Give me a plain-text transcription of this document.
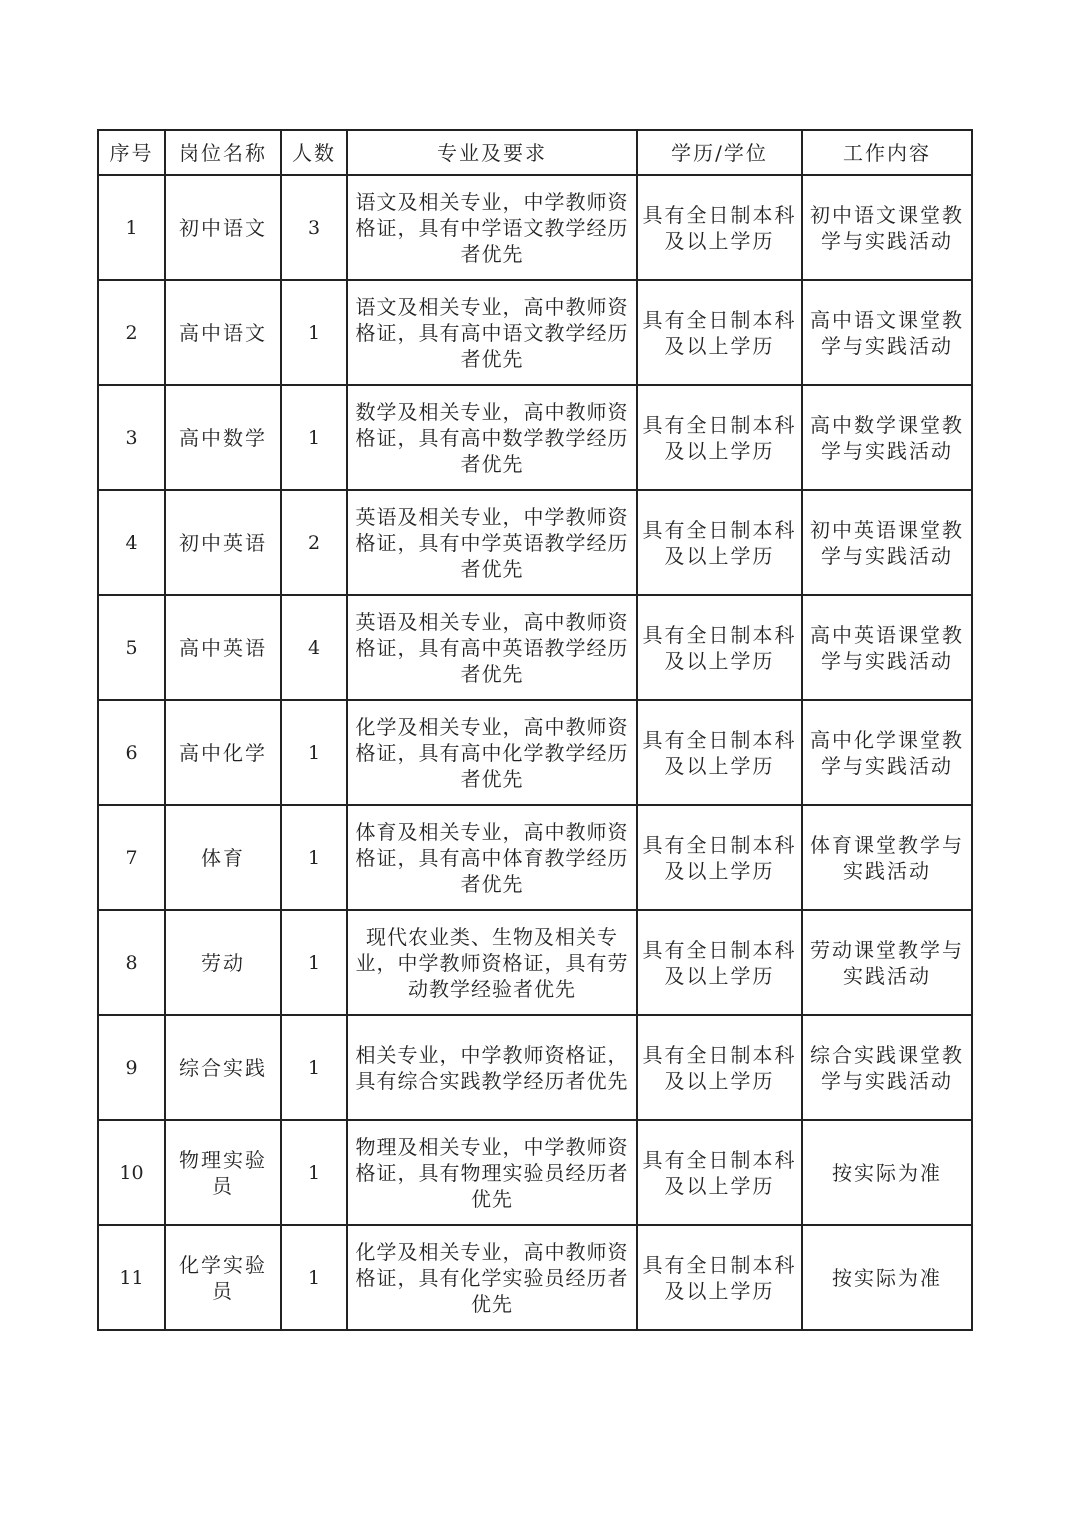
序号	岗位名称	人数	专业及要求	学历/学位	工作内容
1	初中语文	3	语文及相关专业，中学教师资格证，具有中学语文教学经历者优先	具有全日制本科及以上学历	初中语文课堂教学与实践活动
2	高中语文	1	语文及相关专业，高中教师资格证，具有高中语文教学经历者优先	具有全日制本科及以上学历	高中语文课堂教学与实践活动
3	高中数学	1	数学及相关专业，高中教师资格证，具有高中数学教学经历者优先	具有全日制本科及以上学历	高中数学课堂教学与实践活动
4	初中英语	2	英语及相关专业，中学教师资格证，具有中学英语教学经历者优先	具有全日制本科及以上学历	初中英语课堂教学与实践活动
5	高中英语	4	英语及相关专业，高中教师资格证，具有高中英语教学经历者优先	具有全日制本科及以上学历	高中英语课堂教学与实践活动
6	高中化学	1	化学及相关专业，高中教师资格证，具有高中化学教学经历者优先	具有全日制本科及以上学历	高中化学课堂教学与实践活动
7	体育	1	体育及相关专业，高中教师资格证，具有高中体育教学经历者优先	具有全日制本科及以上学历	体育课堂教学与实践活动
8	劳动	1	现代农业类、生物及相关专业，中学教师资格证，具有劳动教学经验者优先	具有全日制本科及以上学历	劳动课堂教学与实践活动
9	综合实践	1	相关专业，中学教师资格证，具有综合实践教学经历者优先	具有全日制本科及以上学历	综合实践课堂教学与实践活动
10	物理实验员	1	物理及相关专业，中学教师资格证，具有物理实验员经历者优先	具有全日制本科及以上学历	按实际为准
11	化学实验员	1	化学及相关专业，高中教师资格证，具有化学实验员经历者优先	具有全日制本科及以上学历	按实际为准
